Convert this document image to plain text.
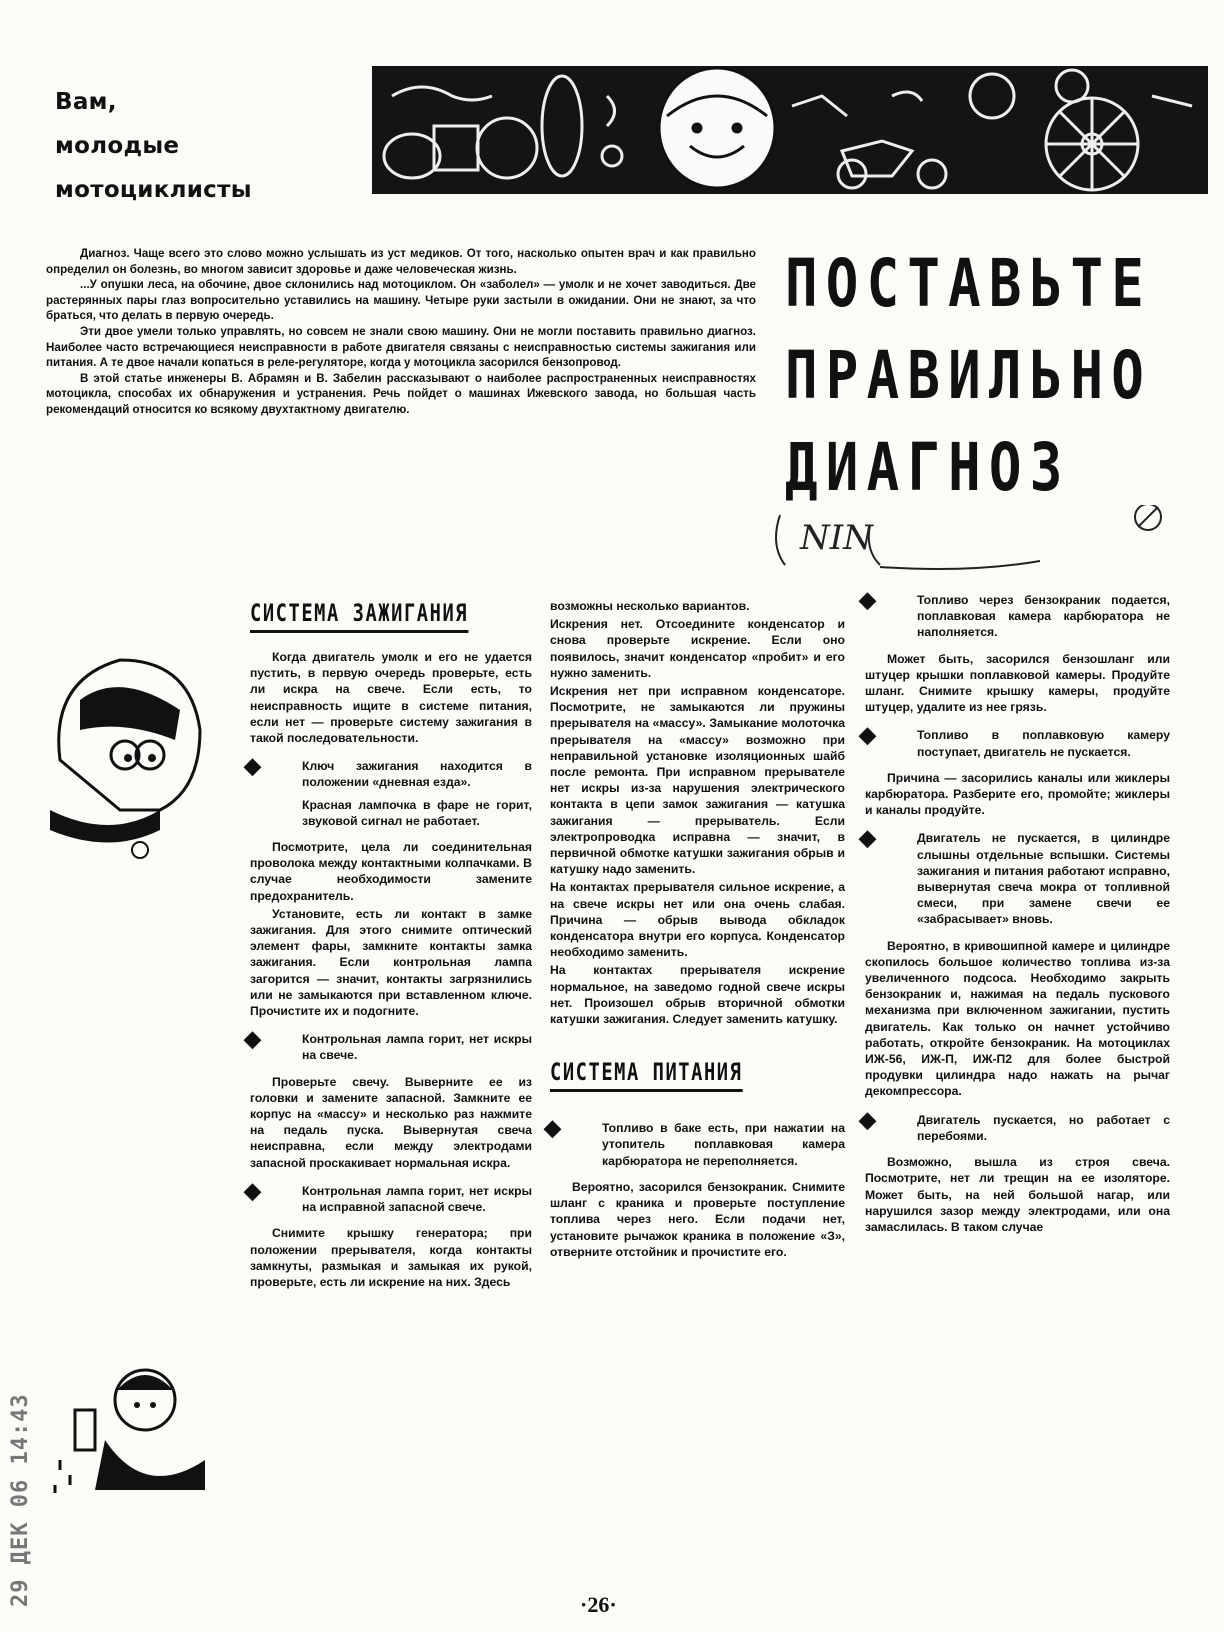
Вам,
молодые
мотоциклисты
ПОСТАВЬТЕ
ПРАВИЛЬНО
ДИАГНОЗ

Диагноз. Чаще всего это слово можно услышать из уст медиков. От того, насколько опытен врач и как правильно определил он болезнь, во многом зависит здоровье и даже человеческая жизнь.

...У опушки леса, на обочине, двое склонились над мотоциклом. Он «заболел» — умолк и не хочет заводиться. Две растерянных пары глаз вопросительно уставились на машину. Четыре руки застыли в ожидании. Они не знают, за что браться, что делать в первую очередь.

Эти двое умели только управлять, но совсем не знали свою машину. Они не могли поставить правильно диагноз. Наиболее часто встречающиеся неисправности в работе двигателя связаны с неисправностью системы зажигания или питания. А те двое начали копаться в реле-регуляторе, когда у мотоцикла засорился бензопровод.

В этой статье инженеры В. Абрамян и В. Забелин рассказывают о наиболее распространенных неисправностях мотоцикла, способах их обнаружения и устранения. Речь пойдет о машинах Ижевского завода, но большая часть рекомендаций относится ко всякому двухтактному двигателю.

NIN
СИСТЕМА ЗАЖИГАНИЯ

Когда двигатель умолк и его не удается пустить, в первую очередь проверьте, есть ли искра на свече. Если есть, то неисправность ищите в системе питания, если нет — проверьте систему зажигания в такой последовательности.

◆	Ключ зажигания находится в положении «дневная езда».

Красная лампочка в фаре не горит, звуковой сигнал не работает.

Посмотрите, цела ли соединительная проволока между контактными колпачками. В случае необходимости замените предохранитель.

Установите, есть ли контакт в замке зажигания. Для этого снимите оптический элемент фары, замкните контакты замка зажигания. Если контрольная лампа загорится — значит, контакты загрязнились или не замыкаются при вставленном ключе. Прочистите их и подогните.

◆	Контрольная лампа горит, нет искры на свече.

Проверьте свечу. Выверните ее из головки и замените запасной. Замкните ее корпус на «массу» и несколько раз нажмите на педаль пуска. Вывернутая свеча неисправна, если между электродами запасной проскакивает нормальная искра.

◆	Контрольная лампа горит, нет искры на исправной запасной свече.

Снимите крышку генератора; при положении прерывателя, когда контакты замкнуты, размыкая и замыкая их рукой, проверьте, есть ли искрение на них. Здесь

возможны несколько вариантов.

Искрения нет. Отсоедините конденсатор и снова проверьте искрение. Если оно появилось, значит конденсатор «пробит» и его нужно заменить.

Искрения нет при исправном конденсаторе. Посмотрите, не замыкаются ли пружины прерывателя на «массу». Замыкание молоточка прерывателя на «массу» возможно при неправильной установке изоляционных шайб после ремонта. При исправном прерывателе нет искры из-за нарушения электрического контакта в цепи замок зажигания — катушка зажигания — прерыватель. Если электропроводка исправна — значит, в первичной обмотке катушки зажигания обрыв и катушку надо заменить.

На контактах прерывателя сильное искрение, а на свече искры нет или она очень слабая. Причина — обрыв вывода обкладок конденсатора внутри его корпуса. Конденсатор необходимо заменить.

На контактах прерывателя искрение нормальное, на заведомо годной свече искры нет. Произошел обрыв вторичной обмотки катушки зажигания. Следует заменить катушку.

СИСТЕМА ПИТАНИЯ
◆	Топливо в баке есть, при нажатии на утопитель поплавковая камера карбюратора не переполняется.

Вероятно, засорился бензокраник. Снимите шланг с краника и проверьте поступление топлива через него. Если подачи нет, установите рычажок краника в положение «З», отверните отстойник и прочистите его.

◆	Топливо через бензокраник подается, поплавковая камера карбюратора не наполняется.

Может быть, засорился бензошланг или штуцер крышки поплавковой камеры. Продуйте шланг. Снимите крышку камеры, продуйте штуцер, удалите из нее грязь.

◆	Топливо в поплавковую камеру поступает, двигатель не пускается.

Причина — засорились каналы или жиклеры карбюратора. Разберите его, промойте; жиклеры и каналы продуйте.

◆	Двигатель не пускается, в цилиндре слышны отдельные вспышки. Системы зажигания и питания работают исправно, вывернутая свеча мокра от топливной смеси, при замене свечи ее «забрасывает» вновь.

Вероятно, в кривошипной камере и цилиндре скопилось большое количество топлива из-за увеличенного подсоса. Необходимо закрыть бензокраник и, нажимая на педаль пускового механизма при включенном зажигании, пустить двигатель. Как только он начнет устойчиво работать, откройте бензокраник. На мотоциклах ИЖ-56, ИЖ-П, ИЖ-П2 для более быстрой продувки цилиндра надо нажать на рычаг декомпрессора.

◆	Двигатель пускается, но работает с перебоями.

Возможно, вышла из строя свеча. Посмотрите, нет ли трещин на ее изоляторе. Может быть, на ней большой нагар, или нарушился зазор между электродами, или она замаслилась. В таком случае

·26·
29 ДЕК 06 14:43
